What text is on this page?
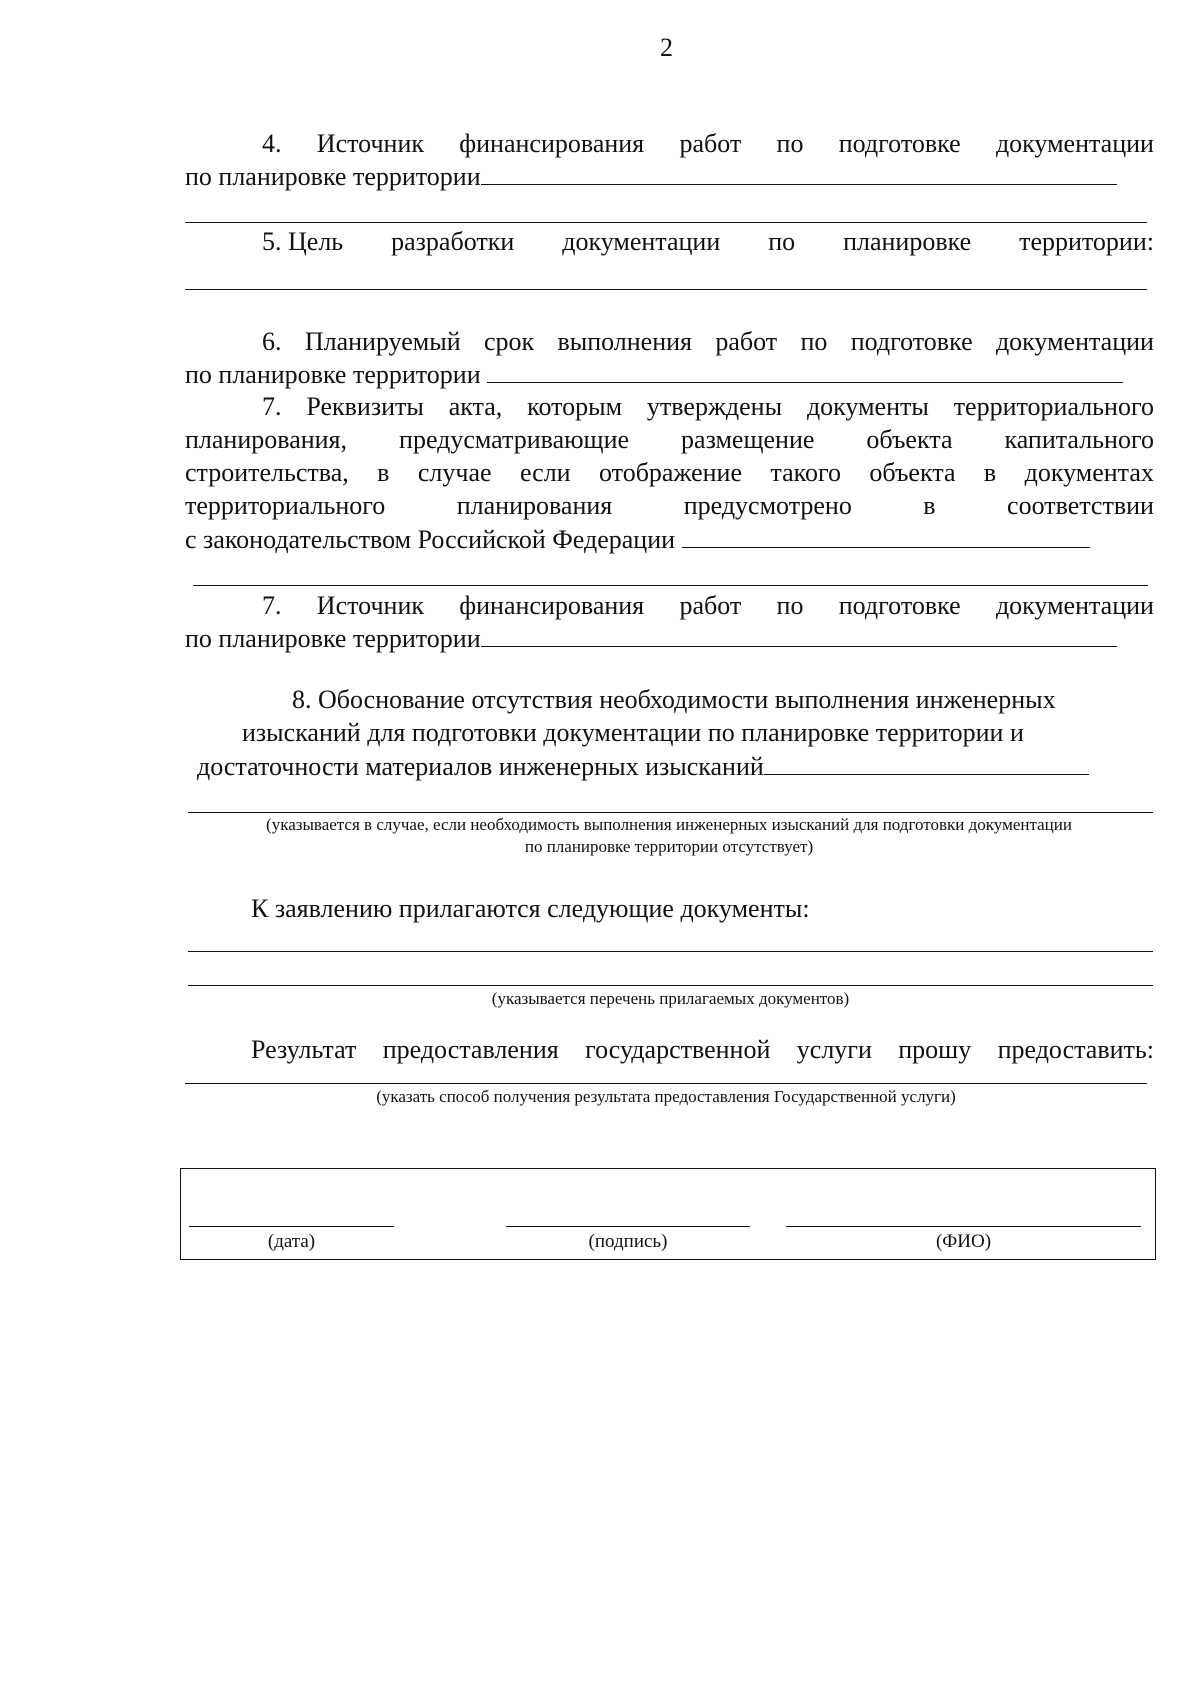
2
4. Источник финансирования работ по подготовке документации
по планировке территории
5. Цель разработки документации по планировке территории:
6. Планируемый срок выполнения работ по подготовке документации
по планировке территории
7. Реквизиты акта, которым утверждены документы территориального
планирования, предусматривающие размещение объекта капитального
строительства, в случае если отображение такого объекта в документах
территориального	планирования	предусмотрено	в	соответствии
с законодательством Российской Федерации
7. Источник финансирования работ по подготовке документации
по планировке территории
8. Обоснование отсутствия необходимости выполнения инженерных
изысканий для подготовки документации по планировке территории и
достаточности материалов инженерных изысканий
(указывается в случае, если необходимость выполнения инженерных изысканий для подготовки документации
по планировке территории отсутствует)
К заявлению прилагаются следующие документы:
(указывается перечень прилагаемых документов)
Результат предоставления государственной услуги прошу предоставить:
(указать способ получения результата предоставления Государственной услуги)
(дата)	(подпись)	(ФИО)
